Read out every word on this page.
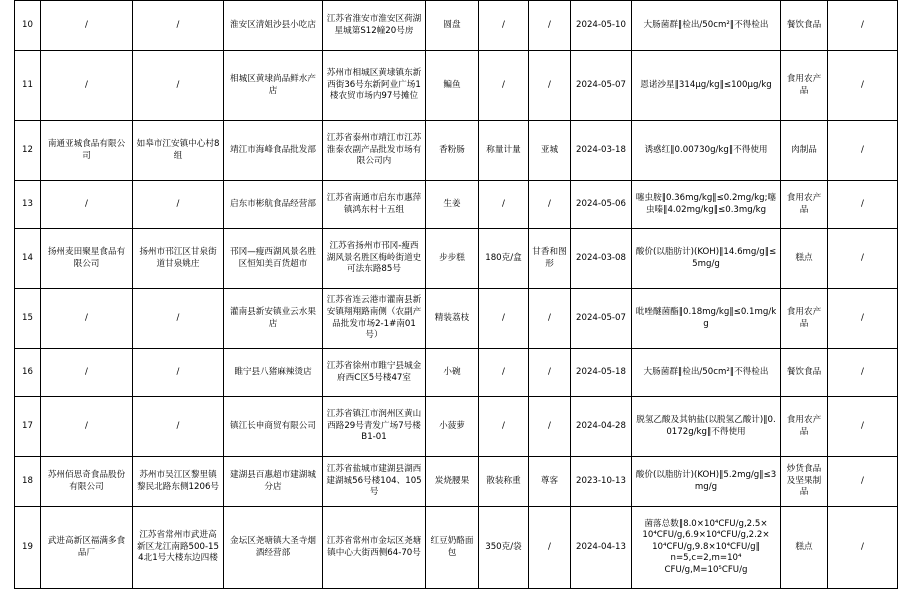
10	/	/	淮安区清姐沙县小吃店	江苏省淮安市淮安区荷湖星城第S12幢20号房	圆盘	/	/	2024-05-10	大肠菌群‖检出/50cm²‖不得检出	餐饮食品	/
11	/	/	相城区黄埭尚品鲜水产店	苏州市相城区黄埭镇东新西街36号东新阿业广场1楼农贸市场内97号摊位	鳊鱼	/	/	2024-05-07	恩诺沙星‖314μg/kg‖≤100μg/kg	食用农产品	/
12	南通亚城食品有限公司	如皋市江安镇中心村8组	靖江市海峰食品批发部	江苏省泰州市靖江市江苏淮泰农副产品批发市场有限公司内	香粉肠	称量计量	亚城	2024-03-18	诱惑红‖0.00730g/kg‖不得使用	肉制品	/
13	/	/	启东市彬航食品经营部	江苏省南通市启东市惠萍镇鸿东村十五组	生姜	/	/	2024-05-06	噻虫胺‖0.36mg/kg‖≤0.2mg/kg;噻虫嗪‖4.02mg/kg‖≤0.3mg/kg	食用农产品	/
14	扬州麦田聚星食品有限公司	扬州市邗江区甘泉街道甘泉姚庄	邗冈—瘦西湖风景名胜区恒知美百货超市	江苏省扬州市邗冈-瘦西湖风景名胜区梅岭街道史可法东路85号	步步糕	180克/盒	甘香和图形	2024-03-08	酸价(以脂肪计)(KOH)‖14.6mg/g‖≤5mg/g	糕点	/
15	/	/	灌南县新安镇业云水果店	江苏省连云港市灌南县新安镇翔翔路南侧（农副产品批发市场2-1#南01号）	精装荔枝	/	/	2024-05-07	吡唑醚菌酯‖0.18mg/kg‖≤0.1mg/kg	食用农产品	/
16	/	/	睢宁县八猪麻辣烫店	江苏省徐州市睢宁县城金府西C区5号楼47室	小碗	/	/	2024-05-18	大肠菌群‖检出/50cm²‖不得检出	餐饮食品	/
17	/	/	镇江长申商贸有限公司	江苏省镇江市润州区黄山西路29号青发广场7号楼B1-01	小菠萝	/	/	2024-04-28	脱氢乙酸及其钠盐(以脱氢乙酸计)‖0.0172g/kg‖不得使用	食用农产品	/
18	苏州佰思奇食品股份有限公司	苏州市吴江区黎里镇黎民北路东侧1206号	建湖县百惠超市建湖城分店	江苏省盐城市建湖县湖西建湖城56号楼104、105号	炭烧腰果	散装称重	尊客	2023-10-13	酸价(以脂肪计)(KOH)‖5.2mg/g‖≤3mg/g	炒货食品及坚果制品	/
19	武进高新区福满多食品厂	江苏省常州市武进高新区龙江南路500-154北1号大楼东边四楼	金坛区尧塘镇大圣寺烟酒经营部	江苏省常州市金坛区尧塘镇中心大街西侧64-70号	红豆奶酪面包	350克/袋	/	2024-04-13	菌落总数‖8.0×10⁴CFU/g,2.5×
10⁴CFU/g,6.9×10⁴CFU/g,2.2×
10⁴CFU/g,9.8×10⁴CFU/g‖
n=5,c=2,m=10⁴
CFU/g,M=10⁵CFU/g	糕点	/
